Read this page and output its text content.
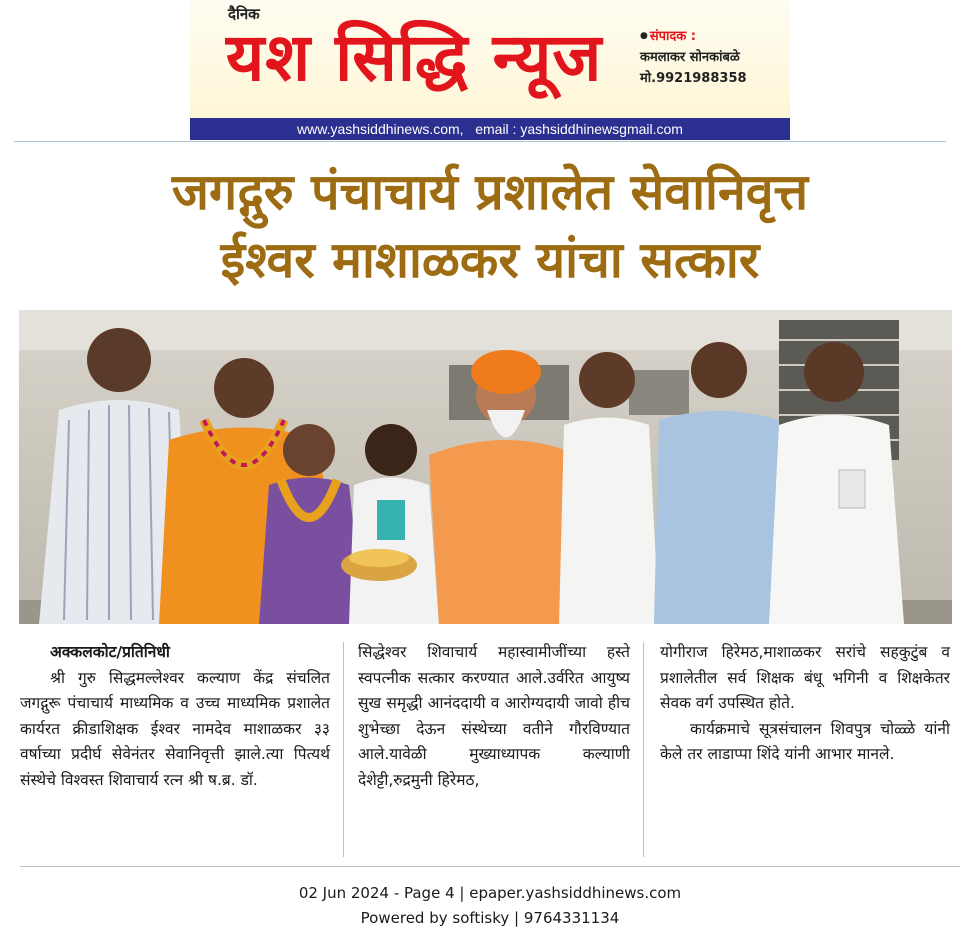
दैनिक
यश सिद्धि न्यूज
●	संपादक :
कमलाकर सोनकांबळे
मो.9921988358
www.yashsiddhinews.com,   email : yashsiddhinewsgmail.com
जगद्गुरु पंचाचार्य प्रशालेत सेवानिवृत्त
ईश्वर माशाळकर यांचा सत्कार

अक्कलकोट/प्रतिनिधी

श्री गुरु सिद्धमल्लेश्वर कल्याण केंद्र संचलित जगद्गुरू पंचाचार्य माध्यमिक व उच्च माध्यमिक प्रशालेत कार्यरत क्रीडाशिक्षक ईश्वर नामदेव माशाळकर ३३ वर्षाच्या प्रदीर्घ सेवेनंतर सेवानिवृत्ती झाले.त्या पित्यर्थ संस्थेचे विश्वस्त शिवाचार्य रत्न श्री ष.ब्र. डॉ.

सिद्धेश्वर शिवाचार्य महास्वामीजींच्या हस्ते स्वपत्नीक सत्कार करण्यात आले.उर्वरित आयुष्य सुख समृद्धी आनंददायी व आरोग्यदायी जावो हीच शुभेच्छा देऊन संस्थेच्या वतीने गौरविण्यात आले.यावेळी मुख्याध्यापक कल्याणी देशेट्टी,रुद्रमुनी हिरेमठ,

योगीराज हिरेमठ,माशाळकर सरांचे सहकुटुंब व प्रशालेतील सर्व शिक्षक बंधू भगिनी व शिक्षकेतर सेवक वर्ग उपस्थित होते.

कार्यक्रमाचे सूत्रसंचालन शिवपुत्र चोळ्ळे यांनी केले तर लाडाप्पा शिंदे यांनी आभार मानले.

02 Jun 2024 - Page 4 | epaper.yashsiddhinews.com
Powered by softisky | 9764331134
